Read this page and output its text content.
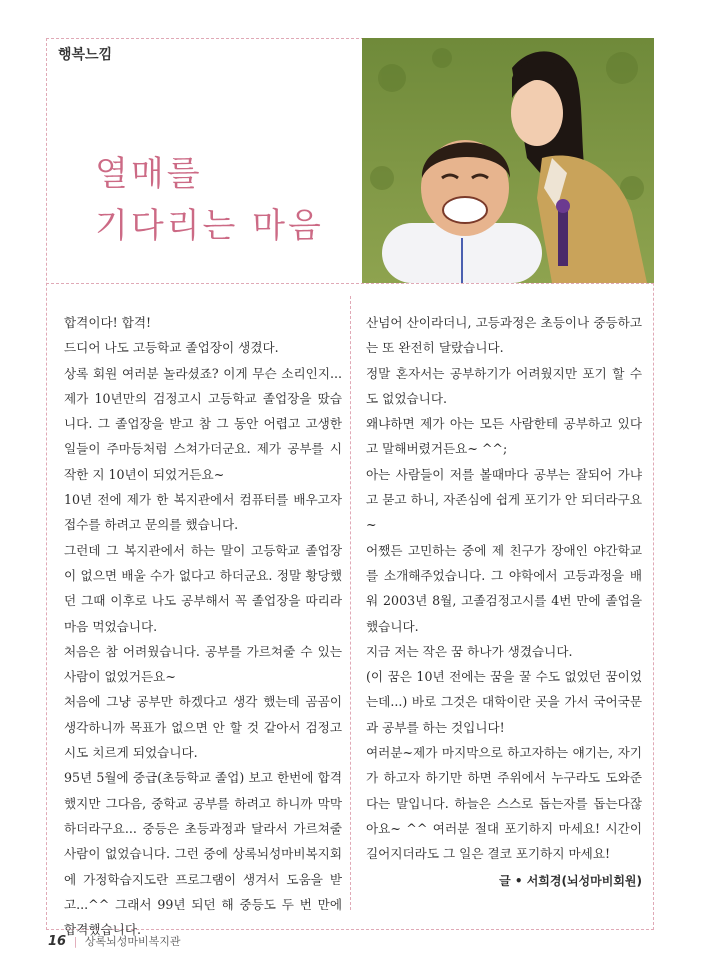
행복느낌
열매를
기다리는 마음

합격이다! 합격!

드디어 나도 고등학교 졸업장이 생겼다.

상록 회원 여러분 놀라셨죠? 이게 무슨 소리인지... 제가 10년만의 검정고시 고등학교 졸업장을 땄습니다. 그 졸업장을 받고 참 그 동안 어렵고 고생한 일들이 주마등처럼 스쳐가더군요. 제가 공부를 시작한 지 10년이 되었거든요~

10년 전에 제가 한 복지관에서 컴퓨터를 배우고자 접수를 하려고 문의를 했습니다.

그런데 그 복지관에서 하는 말이 고등학교 졸업장이 없으면 배울 수가 없다고 하더군요. 정말 황당했던 그때 이후로 나도 공부해서 꼭 졸업장을 따리라 마음 먹었습니다.

처음은 참 어려웠습니다. 공부를 가르쳐줄 수 있는 사람이 없었거든요~

처음에 그냥 공부만 하겠다고 생각 했는데 곰곰이 생각하니까 목표가 없으면 안 할 것 같아서 검정고시도 치르게 되었습니다.

95년 5월에 중급(초등학교 졸업) 보고 한번에 합격했지만 그다음, 중학교 공부를 하려고 하니까 막막하더라구요... 중등은 초등과정과 달라서 가르쳐줄 사람이 없었습니다. 그런 중에 상록뇌성마비복지회에 가정학습지도란 프로그램이 생겨서 도움을 받고...^^ 그래서 99년 되던 해 중등도 두 번 만에 합격했습니다.

산넘어 산이라더니, 고등과정은 초등이나 중등하고는 또 완전히 달랐습니다.

정말 혼자서는 공부하기가 어려웠지만 포기 할 수도 없었습니다.

왜냐하면 제가 아는 모든 사람한테 공부하고 있다고 말해버렸거든요~ ^^;

아는 사람들이 저를 볼때마다 공부는 잘되어 가냐고 묻고 하니, 자존심에 쉽게 포기가 안 되더라구요~

어쨌든 고민하는 중에 제 친구가 장애인 야간학교를 소개해주었습니다. 그 야학에서 고등과정을 배워 2003년 8월, 고졸검정고시를 4번 만에 졸업을 했습니다.

지금 저는 작은 꿈 하나가 생겼습니다.

(이 꿈은 10년 전에는 꿈을 꿀 수도 없었던 꿈이었는데...) 바로 그것은 대학이란 곳을 가서 국어국문과 공부를 하는 것입니다!

여러분~제가 마지막으로 하고자하는 얘기는, 자기가 하고자 하기만 하면 주위에서 누구라도 도와준다는 말입니다. 하늘은 스스로 돕는자를 돕는다잖아요~ ^^ 여러분 절대 포기하지 마세요! 시간이 길어지더라도 그 일은 결코 포기하지 마세요!

글 • 서희경(뇌성마비회원)
16 | 상록뇌성마비복지관
